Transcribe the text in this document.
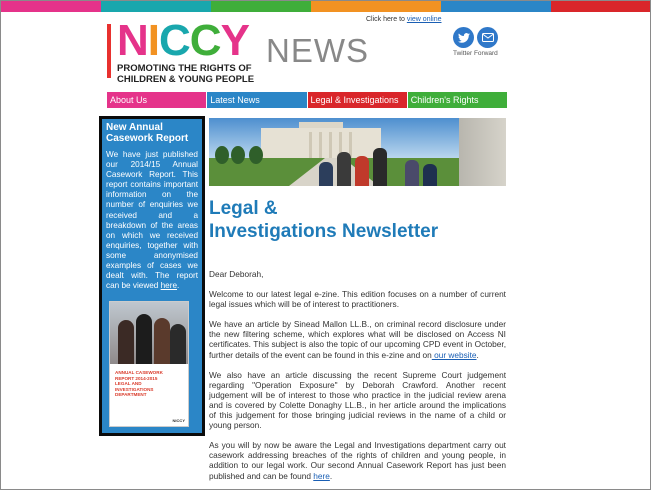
N I C C Y
PROMOTING THE RIGHTS OF
CHILDREN & YOUNG PEOPLE
NEWS
Click here to view online
Twitter Forward
About Us	Latest News	Legal & Investigations	Children's Rights
New Annual Casework Report
We have just published our 2014/15 Annual Casework Report. This report contains important information on the number of enquiries we received and a breakdown of the areas on which we received enquiries, together with some anonymised examples of cases we dealt with. The report can be viewed here.
ANNUAL CASEWORK
REPORT 2014-2015
LEGAL AND
INVESTIGATIONS
DEPARTMENT
NICCY
Legal &
Investigations Newsletter

Dear Deborah,

Welcome to our latest legal e-zine. This edition focuses on a number of current legal issues which will be of interest to practitioners.

We have an article by Sinead Mallon LL.B., on criminal record disclosure under the new filtering scheme, which explores what will be disclosed on Access NI certificates. This subject is also the topic of our upcoming CPD event in October, further details of the event can be found in this e-zine and on our website.

We also have an article discussing the recent Supreme Court judgement regarding "Operation Exposure" by Deborah Crawford. Another recent judgement will be of interest to those who practice in the judicial review arena and is covered by Colette Donaghy LL.B., in her article around the implications of this judgement for those bringing judicial reviews in the name of a child or young person.

As you will by now be aware the Legal and Investigations department carry out casework addressing breaches of the rights of children and young people, in addition to our legal work. Our second Annual Casework Report has just been published and can be found here.
